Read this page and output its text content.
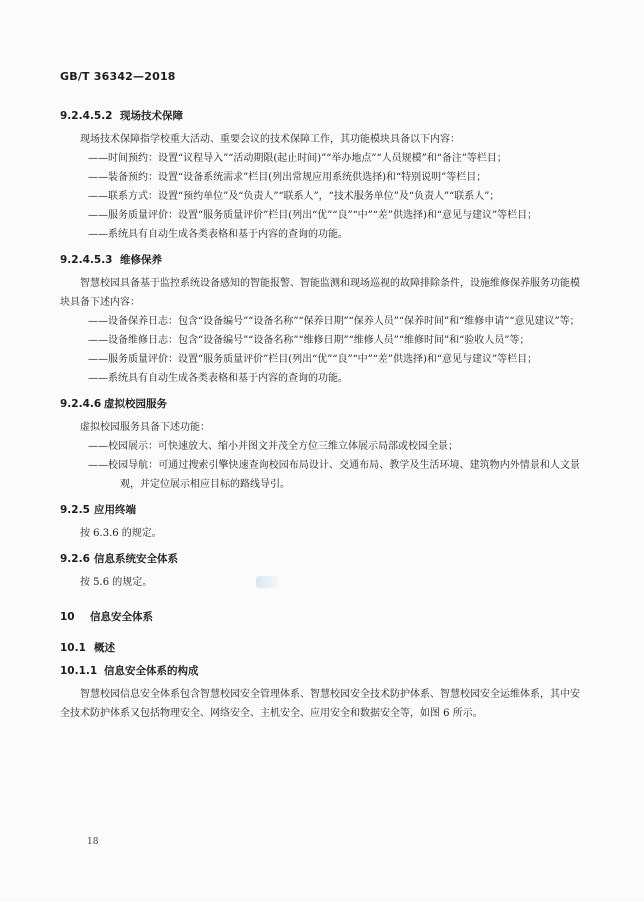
GB/T 36342—2018

9.2.4.5.2 现场技术保障

现场技术保障指学校重大活动、重要会议的技术保障工作，其功能模块具备以下内容：

——时间预约：设置“议程导入”“活动期限(起止时间)”“举办地点”“人员规模”和“备注”等栏目；

——装备预约：设置“设备系统需求”栏目(列出常规应用系统供选择)和“特别说明”等栏目；

——联系方式：设置“预约单位”及“负责人”“联系人”，“技术服务单位”及“负责人”“联系人”；

——服务质量评价：设置“服务质量评价”栏目(列出“优”“良”“中”“差”供选择)和“意见与建议”等栏目；

——系统具有自动生成各类表格和基于内容的查询的功能。

9.2.4.5.3 维修保养

智慧校园具备基于监控系统设备感知的智能报警、智能监测和现场巡视的故障排除条件，设施维修保养服务功能模块具备下述内容：

——设备保养日志：包含“设备编号”“设备名称”“保养日期”“保养人员”“保养时间”和“维修申请”“意见建议”等；

——设备维修日志：包含“设备编号”“设备名称”“维修日期”“维修人员”“维修时间”和“验收人员”等；

——服务质量评价：设置“服务质量评价”栏目(列出“优”“良”“中”“差”供选择)和“意见与建议”等栏目；

——系统具有自动生成各类表格和基于内容的查询的功能。

9.2.4.6 虚拟校园服务

虚拟校园服务具备下述功能：

——校园展示：可快速放大、缩小并图文并茂全方位三维立体展示局部或校园全景；

——校园导航：可通过搜索引擎快速查询校园布局设计、交通布局、教学及生活环境、建筑物内外情景和人文景观，并定位展示相应目标的路线导引。

9.2.5 应用终端

按 6.3.6 的规定。

9.2.6 信息系统安全体系

按 5.6 的规定。

10 信息安全体系

10.1 概述

10.1.1 信息安全体系的构成

智慧校园信息安全体系包含智慧校园安全管理体系、智慧校园安全技术防护体系、智慧校园安全运维体系，其中安全技术防护体系又包括物理安全、网络安全、主机安全、应用安全和数据安全等，如图 6 所示。

18
